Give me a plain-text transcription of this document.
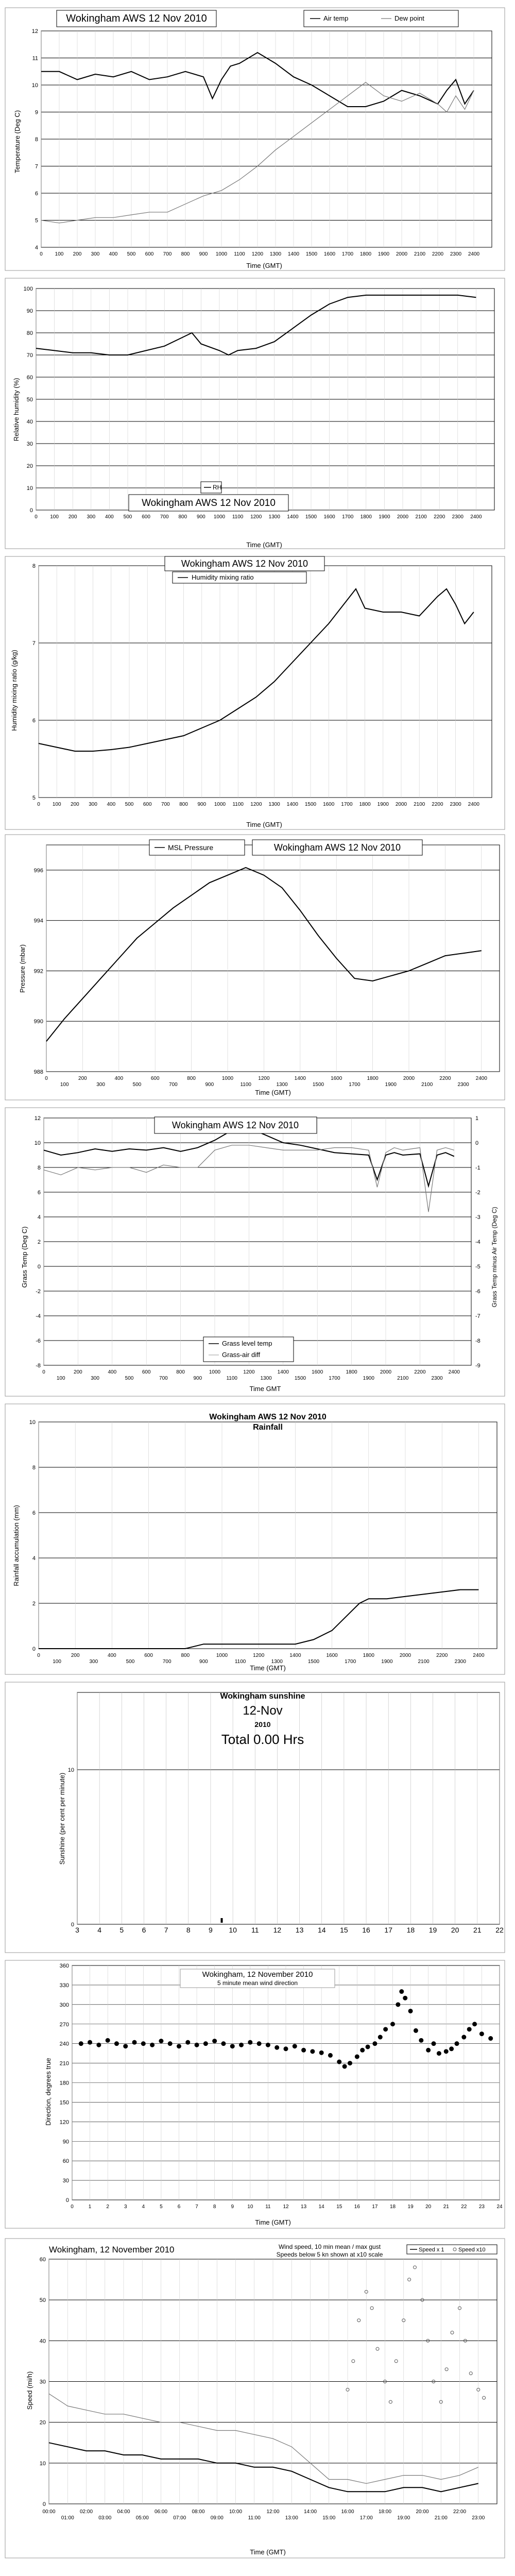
4
5
6
7
8
9
10
11
12
0 100 200 300 400 500 600 700 800 900 1000 1100 1200 1300 1400 1500 1600 1700 1800 1900 2000 2100 2200 2300 2400
Wokingham AWS 12 Nov 2010	Air temp	Dew point
Time (GMT)
Temperature (Deg C)
0
10
20
30
40
50
60
70
80
90
100
0 100 200 300 400 500 600 700 800 900 1000 1100 1200 1300 1400 1500 1600 1700 1800 1900 2000 2100 2200 2300 2400
RH
Wokingham AWS 12 Nov 2010
Time (GMT)
Relative humidity (%)
5
6
7
8
0 100 200 300 400 500 600 700 800 900 1000 1100 1200 1300 1400 1500 1600 1700 1800 1900 2000 2100 2200 2300 2400
Wokingham AWS 12 Nov 2010
Humidity mixing ratio
Time (GMT)
Humidity mixing ratio (g/kg)
988
990
992
994
996
0	200	400	600	800	1000	1200	1400	1600	1800	2000	2200	2400
100	300	500	700	900	1100	1300	1500	1700	1900	2100	2300
MSL Pressure	Wokingham AWS 12 Nov 2010
Time (GMT)
Pressure (mbar)
-8
-6
-4
-2
0
2
4
6
8
10
12
0	200	400	600	800	1000	1200	1400	1600	1800	2000	2200	2400
100	300	500	700	900	1100	1300	1500	1700	1900	2100	2300
-9
-8
-7
-6
-5
-4
-3
-2
-1
0
1
Wokingham AWS 12 Nov 2010
Grass level temp
Grass-air diff
Time GMT
Grass Temp (Deg C)	Grass Temp minus Air Temp (Deg C)
0
2
4
6
8
10
0	200	400	600	800	1000	1200	1400	1600	1800	2000	2200	2400
100	300	500	700	900	1100	1300	1500	1700	1900	2100	2300
Wokingham AWS 12 Nov 2010
Rainfall
Time (GMT)
Rainfall accumulation (mm)
0
10
3	4	5	6	7	8	9 10 11 12 13 14 15 16 17 18 19 20 21 22
Wokingham sunshine
12-Nov
2010
Total 0.00 Hrs
Sunshine (per cent per minute)
0
30
60
90
120
150
180
210
240
270
300
330
360
0	1	2	3	4	5	6	7	8	9	10 11 12 13 14 15 16 17 18 19 20 21 22 23 24
Wokingham, 12 November 2010
5 minute mean wind direction
Time (GMT)
Direction, degrees true
0
10
20
30
40
50
60
00:00	02:00	04:00	06:00	08:00	10:00	12:00	14:00	16:00	18:00	20:00	22:00
01:00	03:00	05:00	07:00	09:00	11:00	13:00	15:00	17:00	19:00	21:00	23:00
Wokingham, 12 November 2010	Wind speed, 10 min mean / max gust
Speeds below 5 kn shown at x10 scale
Speed x 1 Speed x10
Time (GMT)
Speed (mi/h)
